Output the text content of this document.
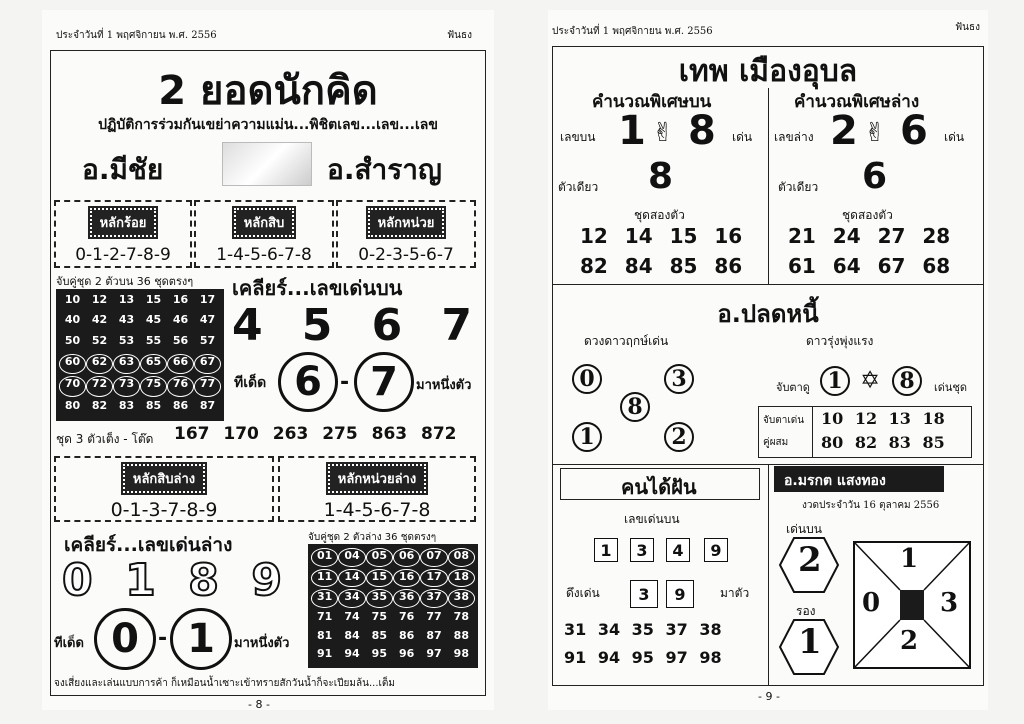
ประจำวันที่ 1 พฤศจิกายน พ.ศ. 2556	ฟันธง
2 ยอดนักคิด
ปฏิบัติการร่วมกันเขย่าความแม่น...พิชิตเลข...เลข...เลข
อ.มีชัย	อ.สำราญ
หลักร้อย
0-1-2-7-8-9
หลักสิบ
1-4-5-6-7-8
หลักหน่วย
0-2-3-5-6-7
จับคู่ชุด 2 ตัวบน 36 ชุดตรงๆ
10	12	13	15	16	17
40	42	43	45	46	47
50	52	53	55	56	57
60	62	63	65	66	67
70	72	73	75	76	77
80	82	83	85	86	87
เคลียร์...เลขเด่นบน
4 5 6 7
ทีเด็ด 6 - 7 มาหนึ่งตัว
ชุด 3 ตัวเต็ง - โต๊ด 167 170 263 275 863 872
หลักสิบล่าง
0-1-3-7-8-9
หลักหน่วยล่าง
1-4-5-6-7-8
เคลียร์...เลขเด่นล่าง
0 1 8 9
ทีเด็ด 0 - 1 มาหนึ่งตัว
จับคู่ชุด 2 ตัวล่าง 36 ชุดตรงๆ
01	04	05	06	07	08
11	14	15	16	17	18
31	34	35	36	37	38
71	74	75	76	77	78
81	84	85	86	87	88
91	94	95	96	97	98
จงเสี่ยงและเล่นแบบการค้า ก็เหมือนน้ำเซาะเข้าทรายสักวันน้ำก็จะเปียมล้น...เต็ม
- 8 -
ประจำวันที่ 1 พฤศจิกายน พ.ศ. 2556	ฟันธง
เทพ เมืองอุบล
คำนวณพิเศษบน	คำนวณพิเศษล่าง
เลขบน 1 ✌ 8 เด่น เลขล่าง 2 ✌ 6 เด่น
ตัวเดียว 8	ตัวเดียว 6
ชุดสองตัว	ชุดสองตัว
12 14 15 16
82 84 85 86
21 24 27 28
61 64 67 68
อ.ปลดหนี้
ดวงดาวฤกษ์เด่น	ดาวรุ่งพุ่งแรง
0	3
8
1	2
จับตาดู 1 ✡ 8	เด่นชุด
จับตาเด่น
คู่ผสม
10 12 13 18
80 82 83 85
คนได้ฝัน
เลขเด่นบน
1	3	4	9
ดึงเด่น	3	9	มาตัว
31 34 35 37 38
91 94 95 97 98
อ.มรกต แสงทอง
งวดประจำวัน 16 ตุลาคม 2556
เด่นบน
2
รอง
1
1
0 3
2
- 9 -
